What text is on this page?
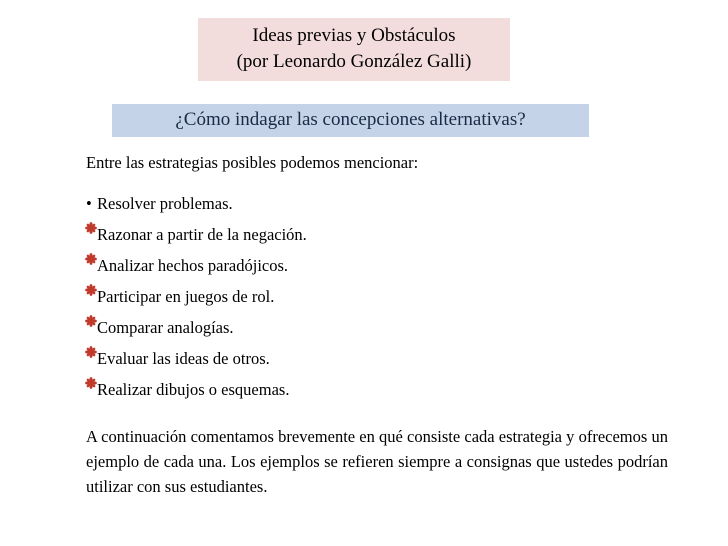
Ideas previas y Obstáculos
(por Leonardo González Galli)
¿Cómo indagar las concepciones alternativas?
Entre las estrategias posibles podemos mencionar:
• Resolver problemas.
Razonar a partir de la negación.
Analizar hechos paradójicos.
Participar en juegos de rol.
Comparar analogías.
Evaluar las ideas de otros.
Realizar dibujos o esquemas.
A continuación comentamos brevemente en qué consiste cada estrategia y ofrecemos un ejemplo de cada una. Los ejemplos se refieren siempre a consignas que ustedes podrían utilizar con sus estudiantes.
